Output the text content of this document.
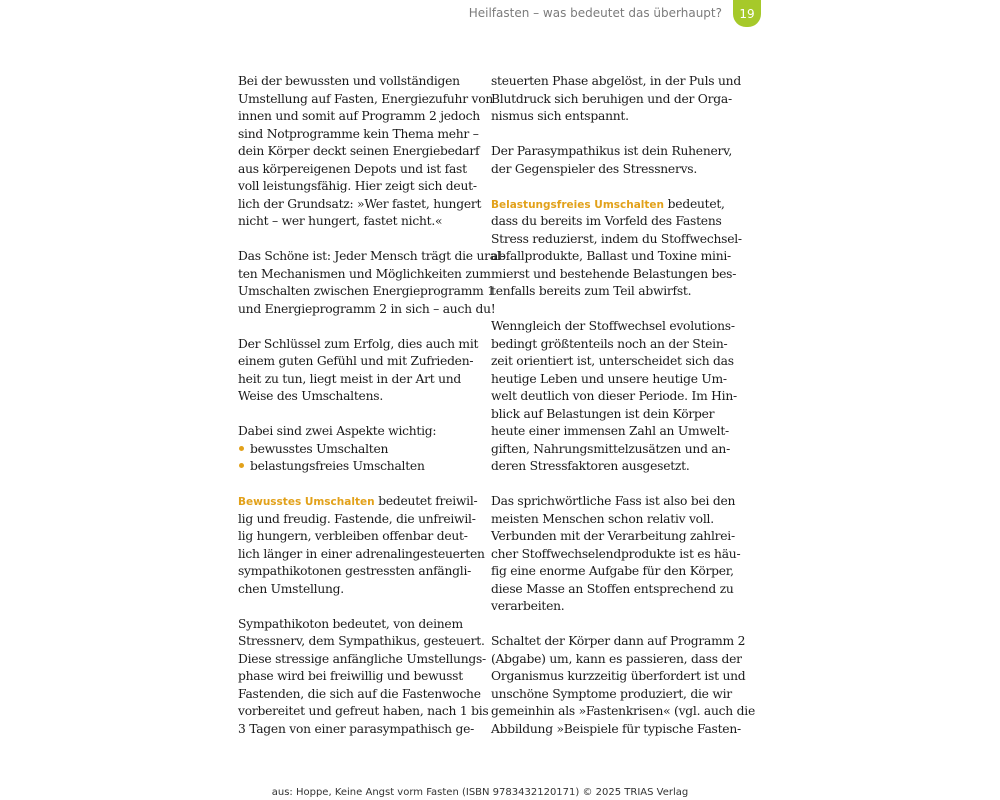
Heilfasten – was bedeutet das überhaupt? 19
Bei der bewussten und vollständigen
Umstellung auf Fasten, Energiezufuhr von
innen und somit auf Programm 2 jedoch
sind Notprogramme kein Thema mehr –
dein Körper deckt seinen Energiebedarf
aus körpereigenen Depots und ist fast
voll leistungsfähig. Hier zeigt sich deut-
lich der Grundsatz: »Wer fastet, hungert
nicht – wer hungert, fastet nicht.«
Das Schöne ist: Jeder Mensch trägt die ural-
ten Mechanismen und Möglichkeiten zum
Umschalten zwischen Energieprogramm 1
und Energieprogramm 2 in sich – auch du!
Der Schlüssel zum Erfolg, dies auch mit
einem guten Gefühl und mit Zufrieden-
heit zu tun, liegt meist in der Art und
Weise des Umschaltens.
Dabei sind zwei Aspekte wichtig:
bewusstes Umschalten
belastungsfreies Umschalten
Bewusstes Umschalten bedeutet freiwil-
lig und freudig. Fastende, die unfreiwil-
lig hungern, verbleiben offenbar deut-
lich länger in einer adrenalingesteuerten
sympathikotonen gestressten anfängli-
chen Umstellung.
Sympathikoton bedeutet, von deinem
Stressnerv, dem Sympathikus, gesteuert.
Diese stressige anfängliche Umstellungs-
phase wird bei freiwillig und bewusst
Fastenden, die sich auf die Fastenwoche
vorbereitet und gefreut haben, nach 1 bis
3 Tagen von einer parasympathisch ge-
steuerten Phase abgelöst, in der Puls und
Blutdruck sich beruhigen und der Orga-
nismus sich entspannt.
Der Parasympathikus ist dein Ruhenerv,
der Gegenspieler des Stressnervs.
Belastungsfreies Umschalten bedeutet,
dass du bereits im Vorfeld des Fastens
Stress reduzierst, indem du Stoffwechsel-
abfallprodukte, Ballast und Toxine mini-
mierst und bestehende Belastungen bes-
tenfalls bereits zum Teil abwirfst.
Wenngleich der Stoffwechsel evolutions-
bedingt größtenteils noch an der Stein-
zeit orientiert ist, unterscheidet sich das
heutige Leben und unsere heutige Um-
welt deutlich von dieser Periode. Im Hin-
blick auf Belastungen ist dein Körper
heute einer immensen Zahl an Umwelt-
giften, Nahrungsmittelzusätzen und an-
deren Stressfaktoren ausgesetzt.
Das sprichwörtliche Fass ist also bei den
meisten Menschen schon relativ voll.
Verbunden mit der Verarbeitung zahlrei-
cher Stoffwechselendprodukte ist es häu-
fig eine enorme Aufgabe für den Körper,
diese Masse an Stoffen entsprechend zu
verarbeiten.
Schaltet der Körper dann auf Programm 2
(Abgabe) um, kann es passieren, dass der
Organismus kurzzeitig überfordert ist und
unschöne Symptome produziert, die wir
gemeinhin als »Fastenkrisen« (vgl. auch die
Abbildung »Beispiele für typische Fasten-
aus: Hoppe, Keine Angst vorm Fasten (ISBN 9783432120171) © 2025 TRIAS Verlag
